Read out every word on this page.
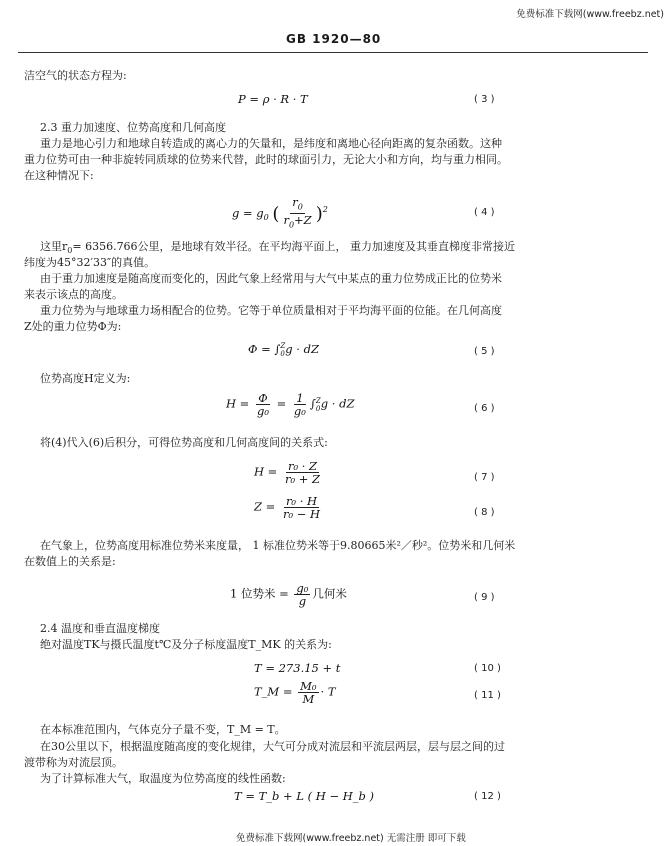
免费标准下载网(www.freebz.net)
GB 1920—80
洁空气的状态方程为:
P = ρ · R · T	( 3 )
2.3 重力加速度、位势高度和几何高度
重力是地心引力和地球自转造成的离心力的矢量和，是纬度和离地心径向距离的复杂函数。这种
重力位势可由一种非旋转同质球的位势来代替，此时的球面引力，无论大小和方向，均与重力相同。
在这种情况下:
$g = g_0$ ( $\frac{r_0}{r_0+Z} )^2$	( 4 )
这里$r_0= 6356.766$公里，是地球有效半径。在平均海平面上， 重力加速度及其垂直梯度非常接近
纬度为45°32′33″的真值。
由于重力加速度是随高度而变化的，因此气象上经常用与大气中某点的重力位势成正比的位势米
来表示该点的高度。
重力位势为与地球重力场相配合的位势。它等于单位质量相对于平均海平面的位能。在几何高度
Z处的重力位势Φ为:
Φ = ∫ Z
0 g · dZ	( 5 )
位势高度H定义为:
$H = \frac{\Phi}{\text{g₀}} = \frac{1}{\text{g₀}}$ ∫ Z
0 g · dZ	( 6 )
将(4)代入(6)后积分，可得位势高度和几何高度间的关系式:
$H = \frac{\text{r₀ · Z}}{\text{r₀ + Z}}$	( 7 )
$Z = \frac{\text{r₀ · H}}{\text{r₀ − H}}$	( 8 )
在气象上，位势高度用标准位势米来度量， 1 标准位势米等于9.80665米²／秒²。位势米和几何米
在数值上的关系是:
1 位势米 = $\frac{\text{g₀}}{g}$ 几何米	( 9 )
2.4 温度和垂直温度梯度
绝对温度TK与摄氏温度t℃及分子标度温度T_MK 的关系为:
T = 273.15 + t	( 10 )
T_M = $\frac{\text{M₀}}{M} \cdot T$	( 11 )
在本标准范围内，气体克分子量不变，T_M = T。
在30公里以下，根据温度随高度的变化规律，大气可分成对流层和平流层两层，层与层之间的过
渡带称为对流层顶。
为了计算标准大气，取温度为位势高度的线性函数:
T = T_b + L ( H − H_b )	( 12 )
免费标准下载网(www.freebz.net) 无需注册 即可下载
